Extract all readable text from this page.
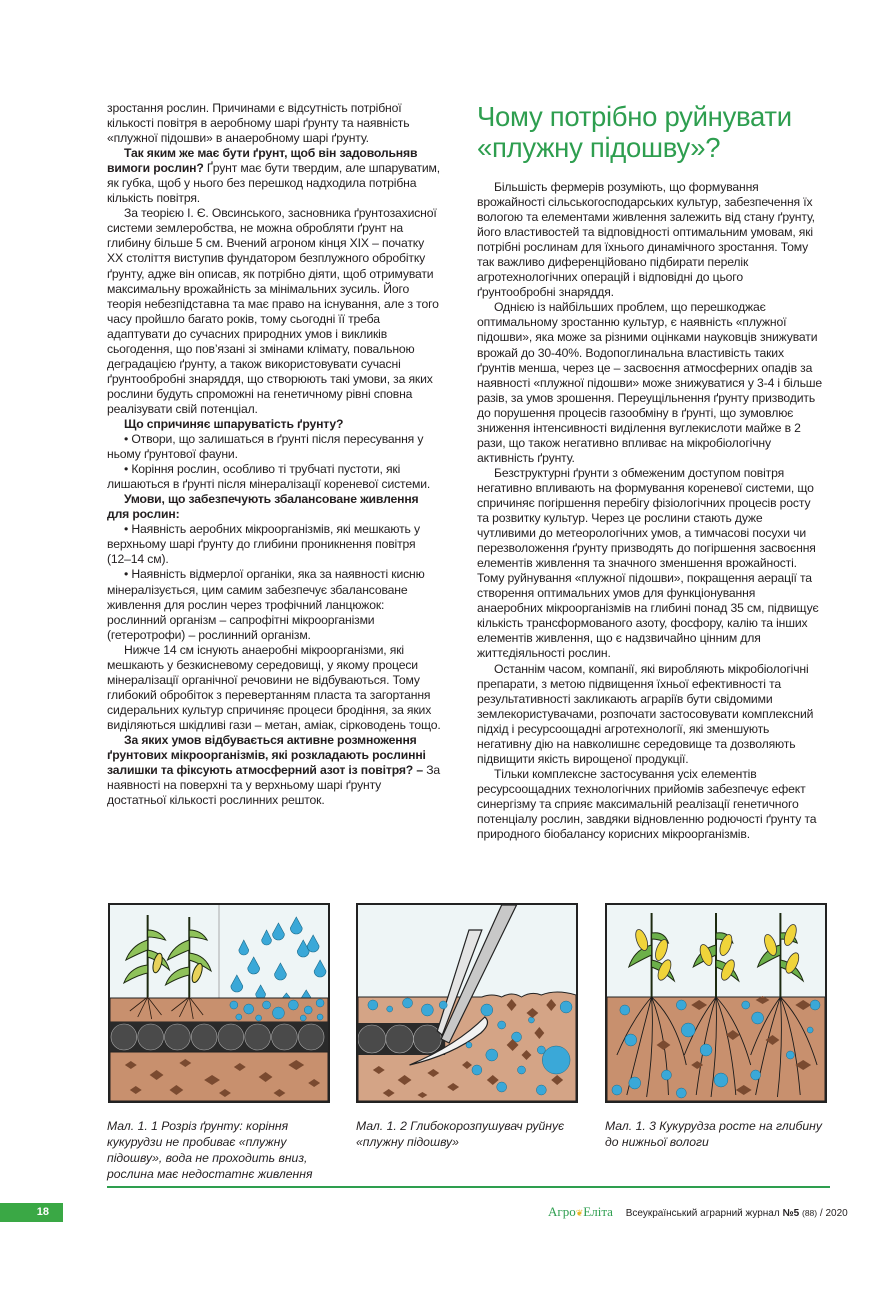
зростання рослин. Причинами є відсутність потрібної кількості повітря в аеробному шарі ґрунту та наявність «плужної підошви» в анаеробному шарі ґрунту.

Так яким же має бути ґрунт, щоб він задовольняв вимоги рослин? Ґрунт має бути твердим, але шпаруватим, як губка, щоб у нього без перешкод надходила потрібна кількість повітря.

За теорією І. Є. Овсинського, засновника ґрунтозахисної системи землеробства, не можна обробляти ґрунт на глибину більше 5 см. Вчений агроном кінця XIX – початку XX століття виступив фундатором безплужного обробітку ґрунту, адже він описав, як потрібно діяти, щоб отримувати максимальну врожайність за мінімальних зусиль. Його теорія небезпідставна та має право на існування, але з того часу пройшло багато років, тому сьогодні її треба адаптувати до сучасних природних умов і викликів сьогодення, що пов’язані зі змінами клімату, повальною деградацією ґрунту, а також використовувати сучасні ґрунтообробні знаряддя, що створюють такі умови, за яких рослини будуть спроможні на генетичному рівні сповна реалізувати свій потенціал.

Що спричиняє шпаруватість ґрунту?

• Отвори, що залишаться в ґрунті після пересування у ньому ґрунтової фауни.

• Коріння рослин, особливо ті трубчаті пустоти, які лишаються в ґрунті після мінералізації кореневої системи.

Умови, що забезпечують збалансоване живлення для рослин:

• Наявність аеробних мікроорганізмів, які мешкають у верхньому шарі ґрунту до глибини проникнення повітря (12–14 см).

• Наявність відмерлої органіки, яка за наявності кисню мінералізується, цим самим забезпечує збалансоване живлення для рослин через трофічний ланцюжок: рослинний організм – сапрофітні мікроорганізми (гетеротрофи) – рослинний організм.

Нижче 14 см існують анаеробні мікроорганізми, які мешкають у безкисневому середовищі, у якому процеси мінералізації органічної речовини не відбуваються. Тому глибокий обробіток з перевертанням пласта та загортання сидеральних культур спричиняє процеси бродіння, за яких виділяються шкідливі гази – метан, аміак, сірководень тощо.

За яких умов відбувається активне розмноження ґрунтових мікроорганізмів, які розкладають рослинні залишки та фіксують атмосферний азот із повітря? – За наявності на поверхні та у верхньому шарі ґрунту достатньої кількості рослинних решток.

Чому потрібно руйнувати «плужну підошву»?

Більшість фермерів розуміють, що формування врожайності сільськогосподарських культур, забезпечення їх вологою та елементами живлення залежить від стану ґрунту, його властивостей та відповідності оптимальним умовам, які потрібні рослинам для їхнього динамічного зростання. Тому так важливо диференційовано підбирати перелік агротехнологічних операцій і відповідні до цього ґрунтообробні знаряддя.

Однією із найбільших проблем, що перешкоджає оптимальному зростанню культур, є наявність «плужної підошви», яка може за різними оцінками науковців знижувати врожай до 30-40%. Водопоглинальна властивість таких ґрунтів менша, через це – засвоєння атмосферних опадів за наявності «плужної підошви» може знижуватися у 3-4 і більше разів, за умов зрошення. Переущільнення ґрунту призводить до порушення процесів газообміну в ґрунті, що зумовлює зниження інтенсивності виділення вуглекислоти майже в 2 рази, що також негативно впливає на мікробіологічну активність ґрунту.

Безструктурні ґрунти з обмеженим доступом повітря негативно впливають на формування кореневої системи, що спричиняє погіршення перебігу фізіологічних процесів росту та розвитку культур. Через це рослини стають дуже чутливими до метеорологічних умов, а тимчасові посухи чи перезволоження ґрунту призводять до погіршення засвоєння елементів живлення та значного зменшення врожайності. Тому руйнування «плужної підошви», покращення аерації та створення оптимальних умов для функціонування анаеробних мікроорганізмів на глибині понад 35 см, підвищує кількість трансформованого азоту, фосфору, калію та інших елементів живлення, що є надзвичайно цінним для життєдіяльності рослин.

Останнім часом, компанії, які виробляють мікробіологічні препарати, з метою підвищення їхньої ефективності та результативності закликають аграріїв бути свідомими землекористувачами, розпочати застосовувати комплексний підхід і ресурсоощадні агротехнології, які зменшують негативну дію на навколишнє середовище та дозволяють підвищити якість вирощеної продукції.

Тільки комплексне застосування усіх елементів ресурсоощадних технологічних прийомів забезпечує ефект синергізму та сприяє максимальній реалізації генетичного потенціалу рослин, завдяки відновленню родючості ґрунту та природного біобалансу корисних мікроорганізмів.

Мал. 1. 1 Розріз ґрунту: коріння кукурудзи не пробиває «плужну підошву», вода не проходить вниз, рослина має недостатнє живлення
Мал. 1. 2 Глибокорозпушувач руйнує «плужну підошву»
Мал. 1. 3 Кукурудза росте на глибину до нижньої вологи
18	Агро❦Еліта Всеукраїнський аграрний журнал №5 (88) / 2020
